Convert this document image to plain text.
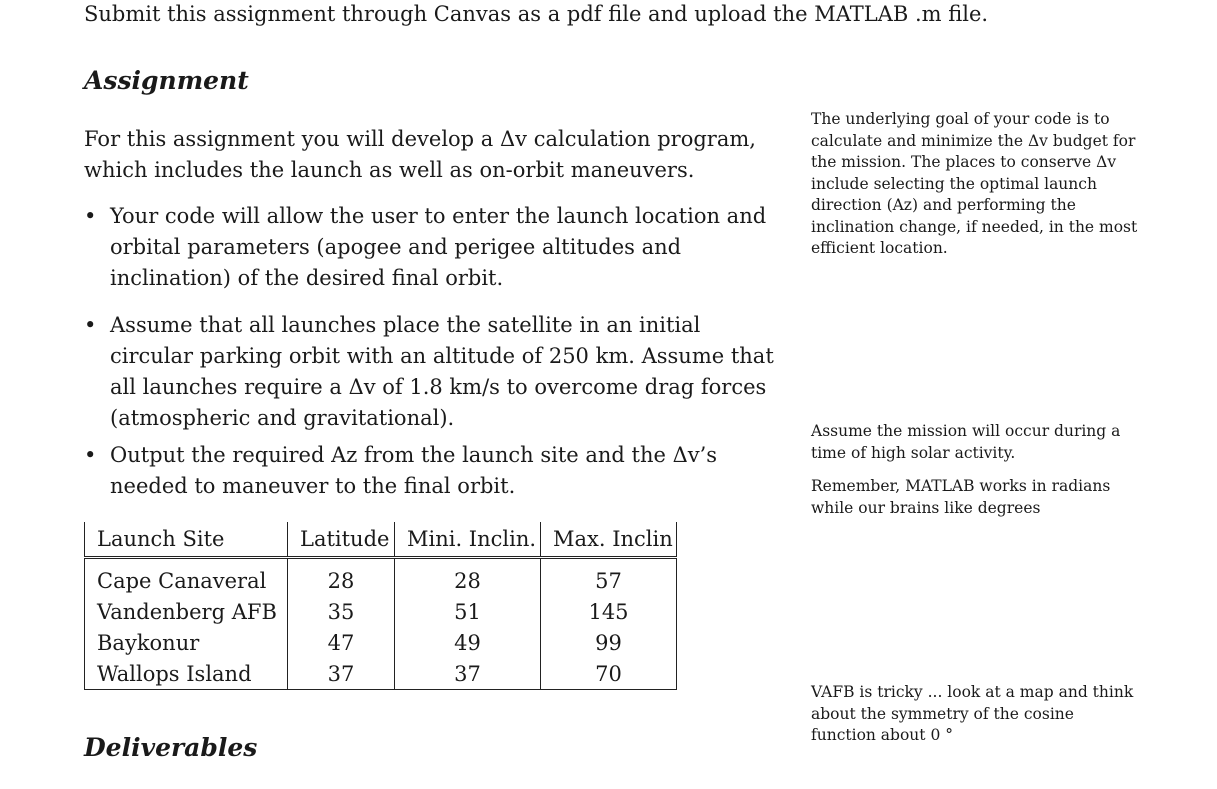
Submit this assignment through Canvas as a pdf file and upload the MATLAB .m file.
Assignment
For this assignment you will develop a Δv calculation program, which includes the launch as well as on-orbit maneuvers.
• Your code will allow the user to enter the launch location and orbital parameters (apogee and perigee altitudes and inclination) of the desired final orbit.
• Assume that all launches place the satellite in an initial circular parking orbit with an altitude of 250 km. Assume that all launches require a Δv of 1.8 km/s to overcome drag forces (atmospheric and gravitational).
• Output the required Az from the launch site and the Δv’s needed to maneuver to the final orbit.
Launch Site	Latitude	Mini. Inclin.	Max. Inclin
Cape Canaveral	28	28	57
Vandenberg AFB	35	51	145
Baykonur	47	49	99
Wallops Island	37	37	70
Deliverables
The underlying goal of your code is to calculate and minimize the Δv budget for the mission. The places to conserve Δv include selecting the optimal launch direction (Az) and performing the inclination change, if needed, in the most efficient location.
Assume the mission will occur during a time of high solar activity.
Remember, MATLAB works in radians while our brains like degrees
VAFB is tricky ... look at a map and think about the symmetry of the cosine function about 0 °
